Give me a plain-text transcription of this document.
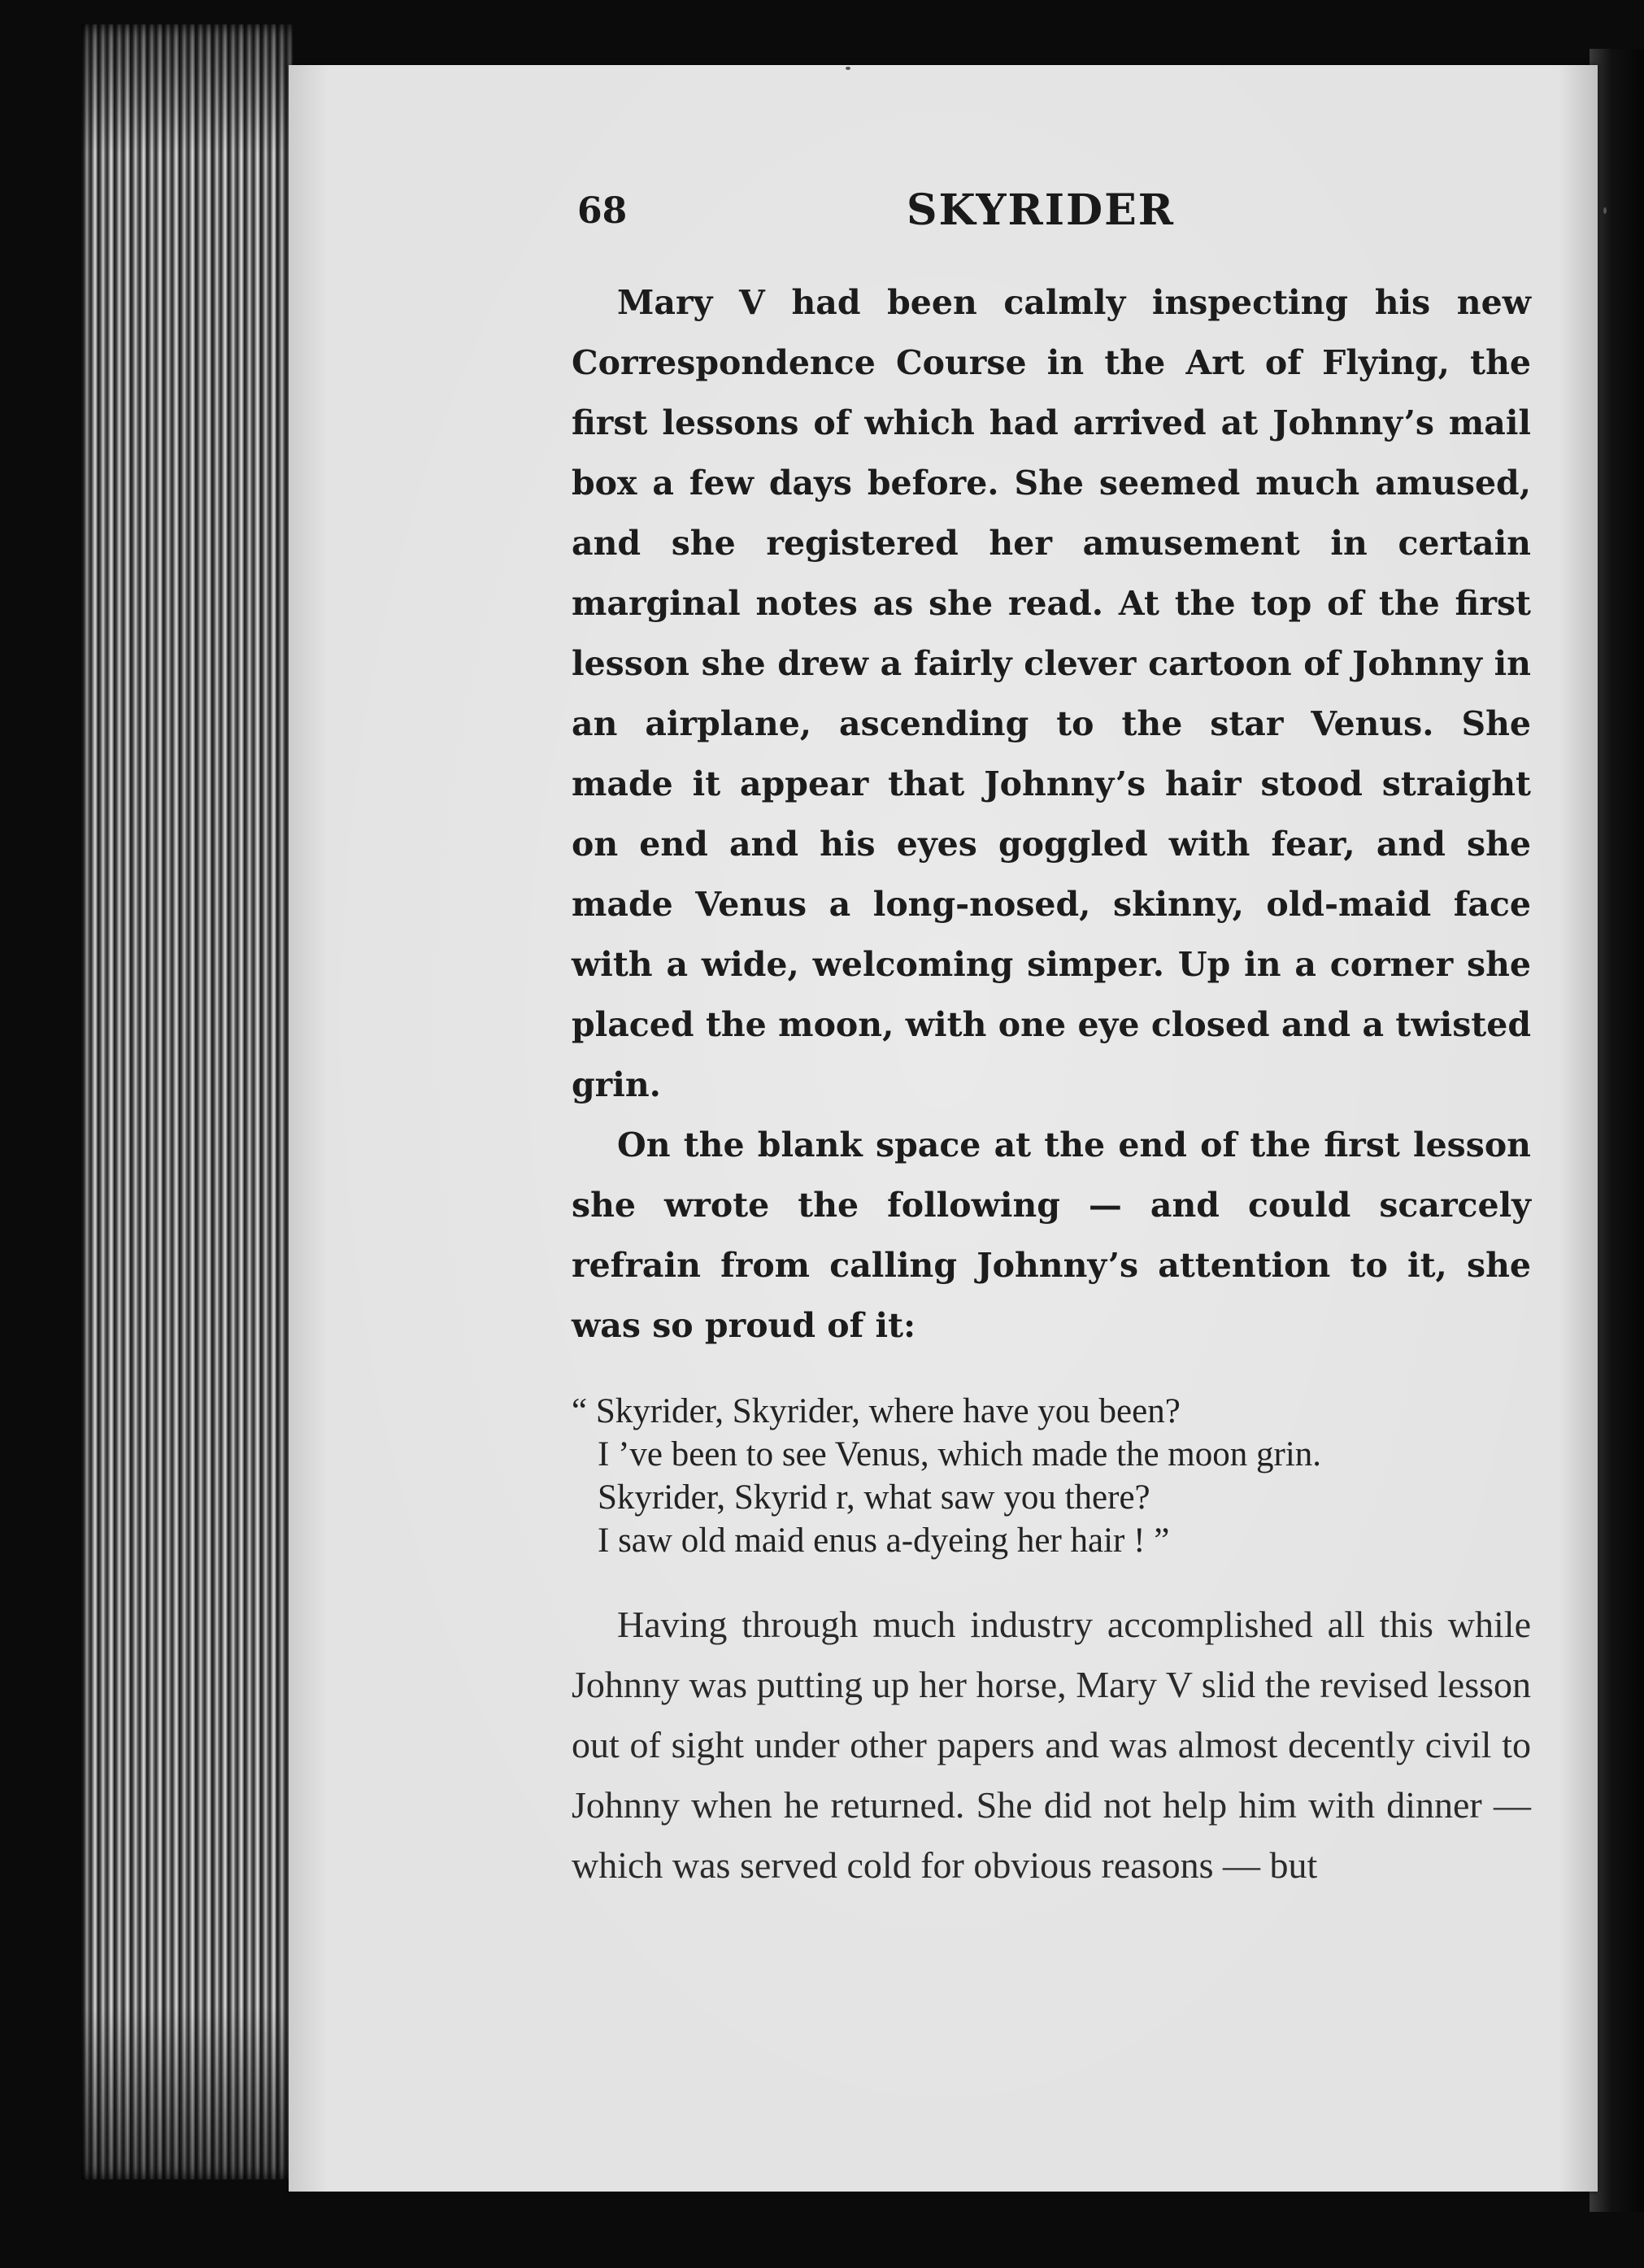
68	SKYRIDER

Mary V had been calmly inspecting his new Correspondence Course in the Art of Flying, the first lessons of which had arrived at Johnny’s mail box a few days before. She seemed much amused, and she registered her amusement in certain marginal notes as she read. At the top of the first lesson she drew a fairly clever cartoon of Johnny in an airplane, ascending to the star Venus. She made it appear that Johnny’s hair stood straight on end and his eyes goggled with fear, and she made Venus a long-nosed, skinny, old-maid face with a wide, welcoming simper. Up in a corner she placed the moon, with one eye closed and a twisted grin.

On the blank space at the end of the first lesson she wrote the following — and could scarcely refrain from calling Johnny’s attention to it, she was so proud of it:

“ Skyrider, Skyrider, where have you been?
I ’ve been to see Venus, which made the moon grin.
Skyrider, Skyrid r, what saw you there?
I saw old maid enus a-dyeing her hair ! ”

Having through much industry accomplished all this while Johnny was putting up her horse, Mary V slid the revised lesson out of sight under other papers and was almost decently civil to Johnny when he returned. She did not help him with dinner — which was served cold for obvious reasons — but
